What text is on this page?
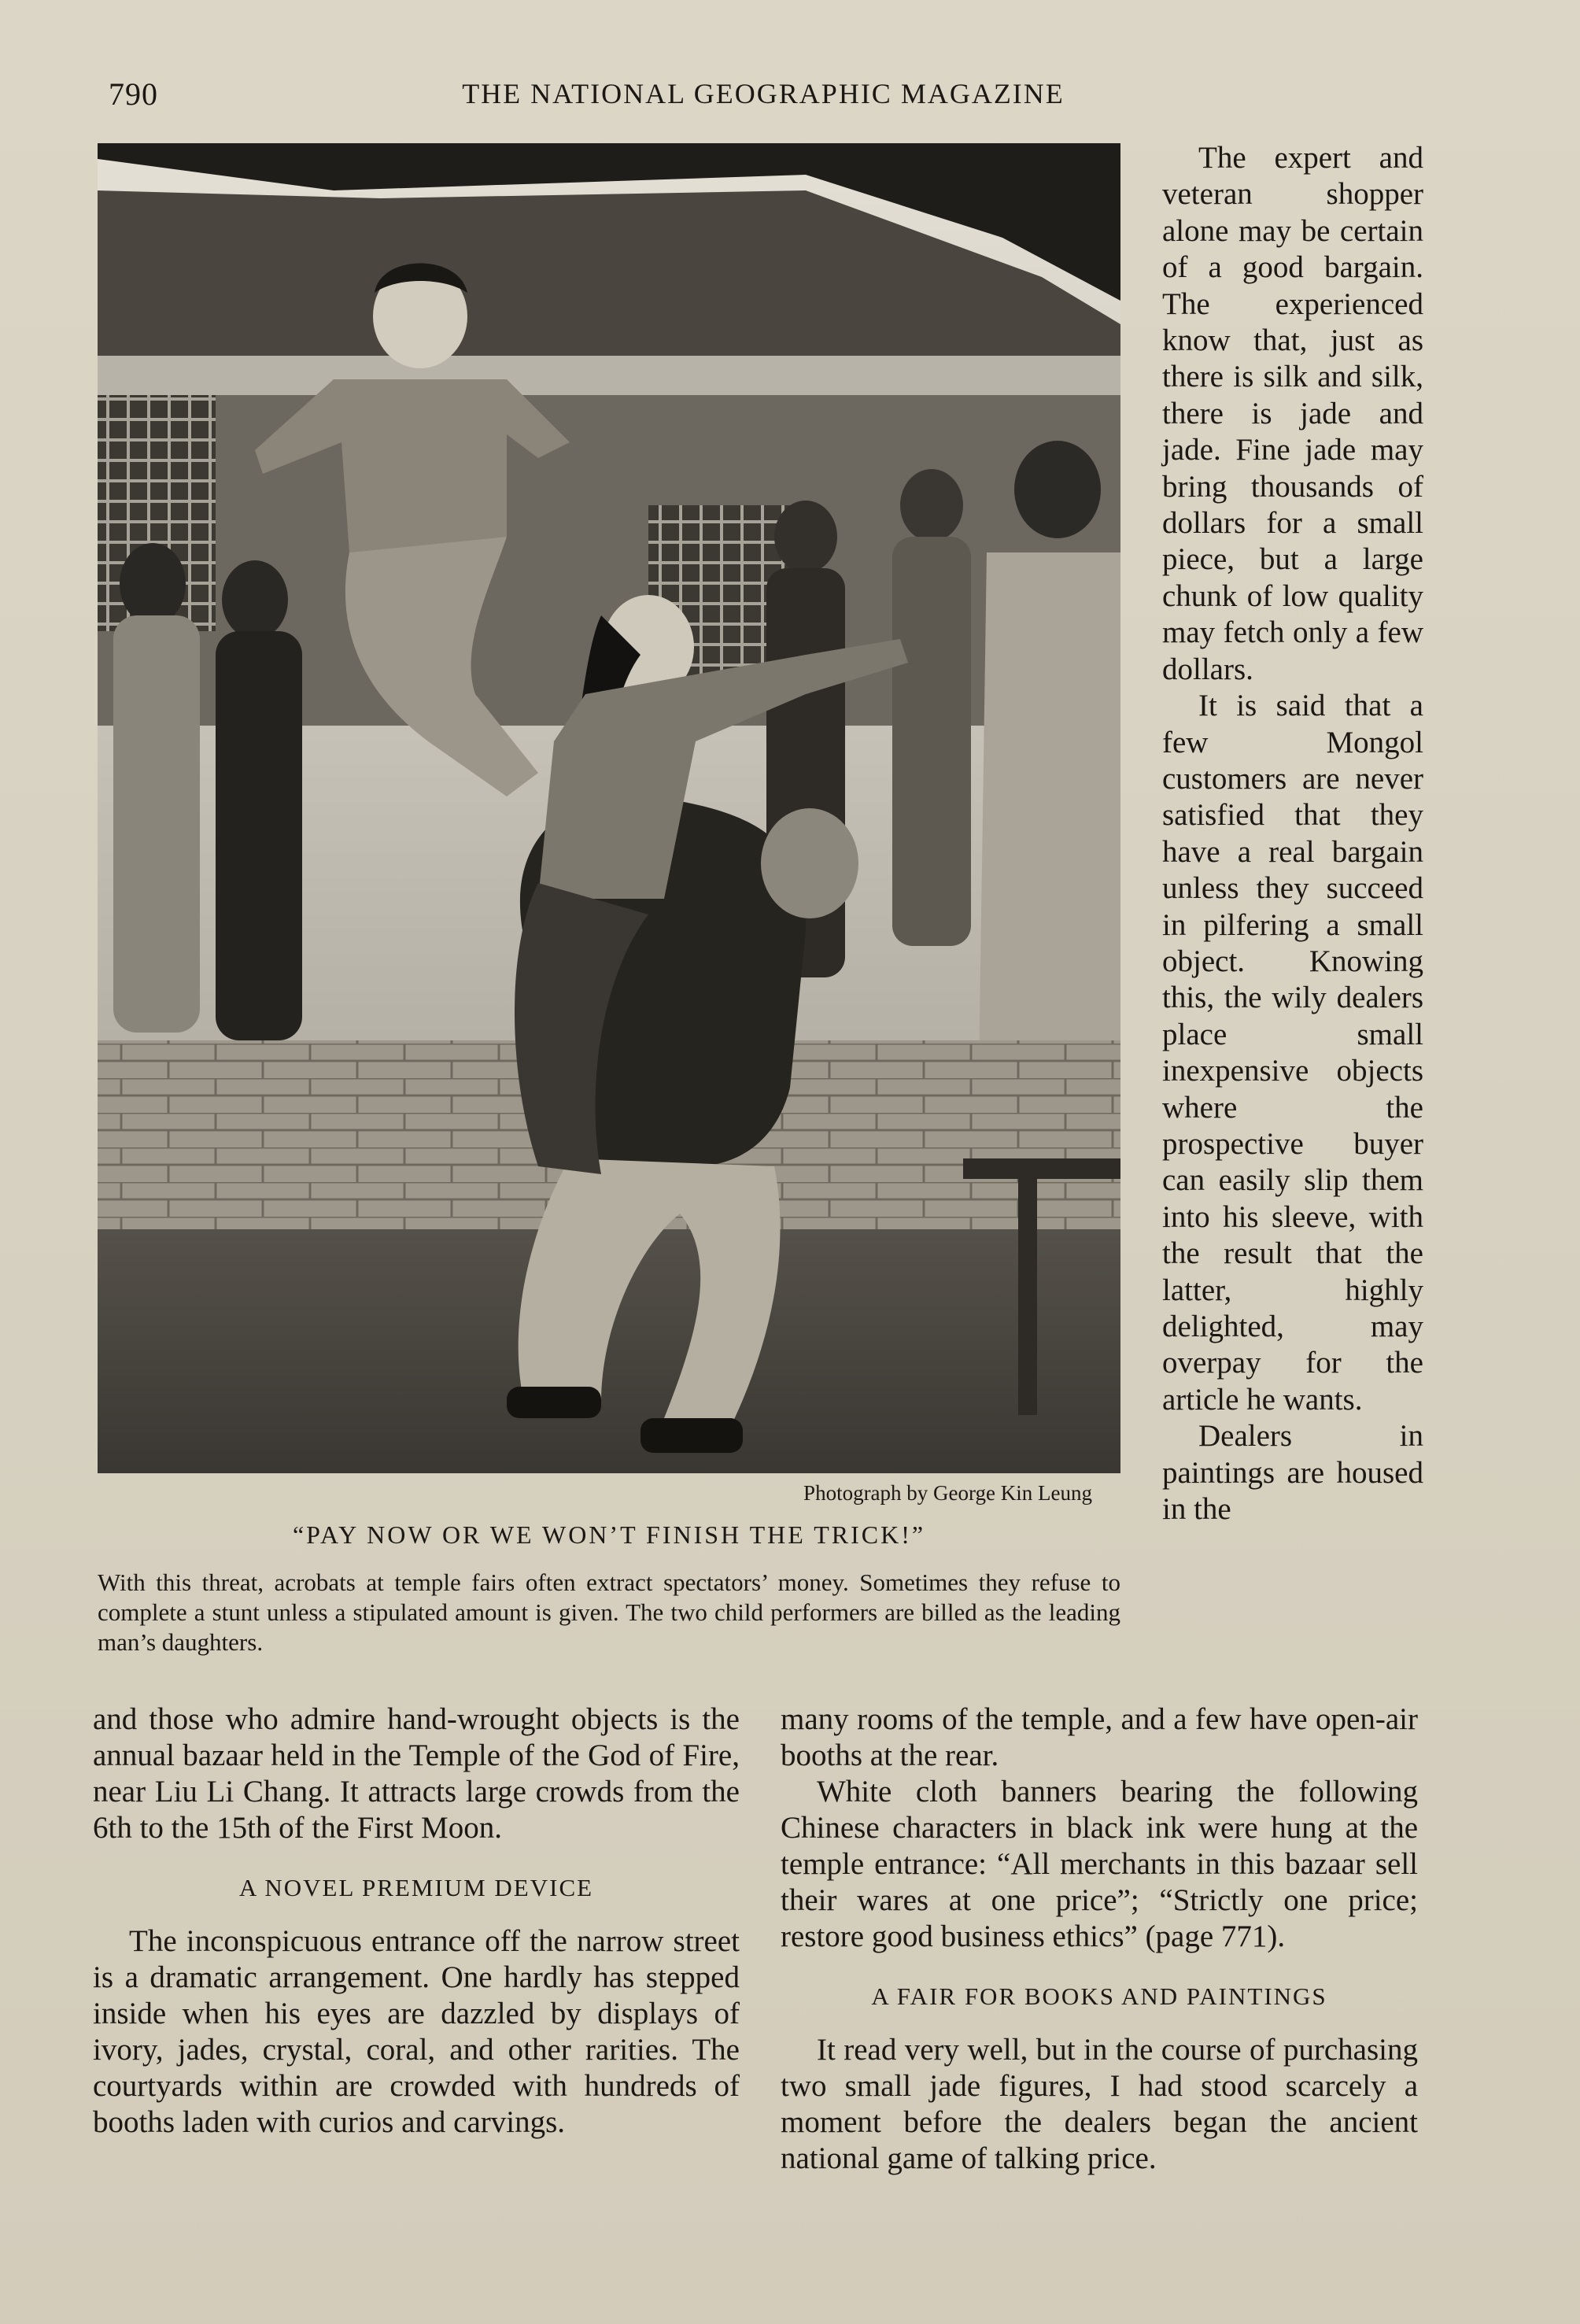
790	THE NATIONAL GEOGRAPHIC MAGAZINE
Photograph by George Kin Leung
“PAY NOW OR WE WON’T FINISH THE TRICK!”
With this threat, acrobats at temple fairs often extract spectators’ money. Sometimes they refuse to complete a stunt unless a stipulated amount is given. The two child performers are billed as the leading man’s daughters.

The expert and veteran shopper alone may be certain of a good bargain. The experienced know that, just as there is silk and silk, there is jade and jade. Fine jade may bring thousands of dollars for a small piece, but a large chunk of low quality may fetch only a few dollars.

It is said that a few Mongol customers are never satisfied that they have a real bargain unless they succeed in pilfering a small object. Knowing this, the wily dealers place small inexpensive objects where the prospective buyer can easily slip them into his sleeve, with the result that the latter, highly delighted, may overpay for the article he wants.

Dealers in paintings are housed in the

and those who admire hand-wrought objects is the annual bazaar held in the Temple of the God of Fire, near Liu Li Chang. It attracts large crowds from the 6th to the 15th of the First Moon.

A NOVEL PREMIUM DEVICE

The inconspicuous entrance off the narrow street is a dramatic arrangement. One hardly has stepped inside when his eyes are dazzled by displays of ivory, jades, crystal, coral, and other rarities. The courtyards within are crowded with hundreds of booths laden with curios and carvings.

many rooms of the temple, and a few have open-air booths at the rear.

White cloth banners bearing the following Chinese characters in black ink were hung at the temple entrance: “All merchants in this bazaar sell their wares at one price”; “Strictly one price; restore good business ethics” (page 771).

A FAIR FOR BOOKS AND PAINTINGS

It read very well, but in the course of purchasing two small jade figures, I had stood scarcely a moment before the dealers began the ancient national game of talking price.
